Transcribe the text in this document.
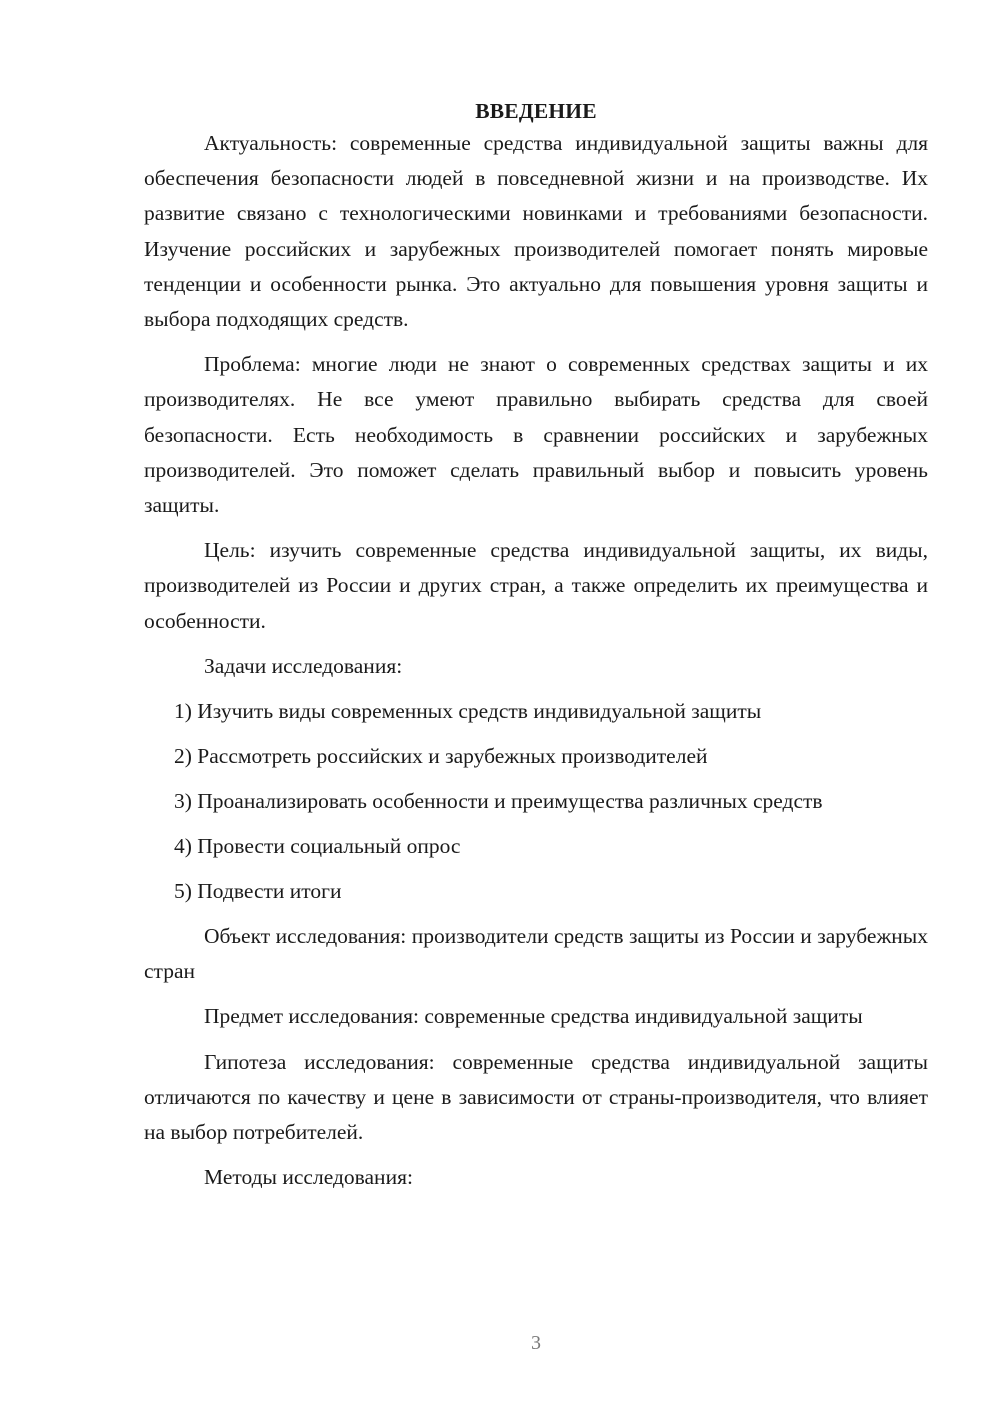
ВВЕДЕНИЕ

Актуальность: современные средства индивидуальной защиты важны для обеспечения безопасности людей в повседневной жизни и на производстве. Их развитие связано с технологическими новинками и требованиями безопасности. Изучение российских и зарубежных производителей помогает понять мировые тенденции и особенности рынка. Это актуально для повышения уровня защиты и выбора подходящих средств.

Проблема: многие люди не знают о современных средствах защиты и их производителях. Не все умеют правильно выбирать средства для своей безопасности. Есть необходимость в сравнении российских и зарубежных производителей. Это поможет сделать правильный выбор и повысить уровень защиты.

Цель: изучить современные средства индивидуальной защиты, их виды, производителей из России и других стран, а также определить их преимущества и особенности.

Задачи исследования:

1) Изучить виды современных средств индивидуальной защиты

2) Рассмотреть российских и зарубежных производителей

3) Проанализировать особенности и преимущества различных средств

4) Провести социальный опрос

5) Подвести итоги

Объект исследования: производители средств защиты из России и зарубежных стран

Предмет исследования: современные средства индивидуальной защиты

Гипотеза исследования: современные средства индивидуальной защиты отличаются по качеству и цене в зависимости от страны-производителя, что влияет на выбор потребителей.

Методы исследования:

3
